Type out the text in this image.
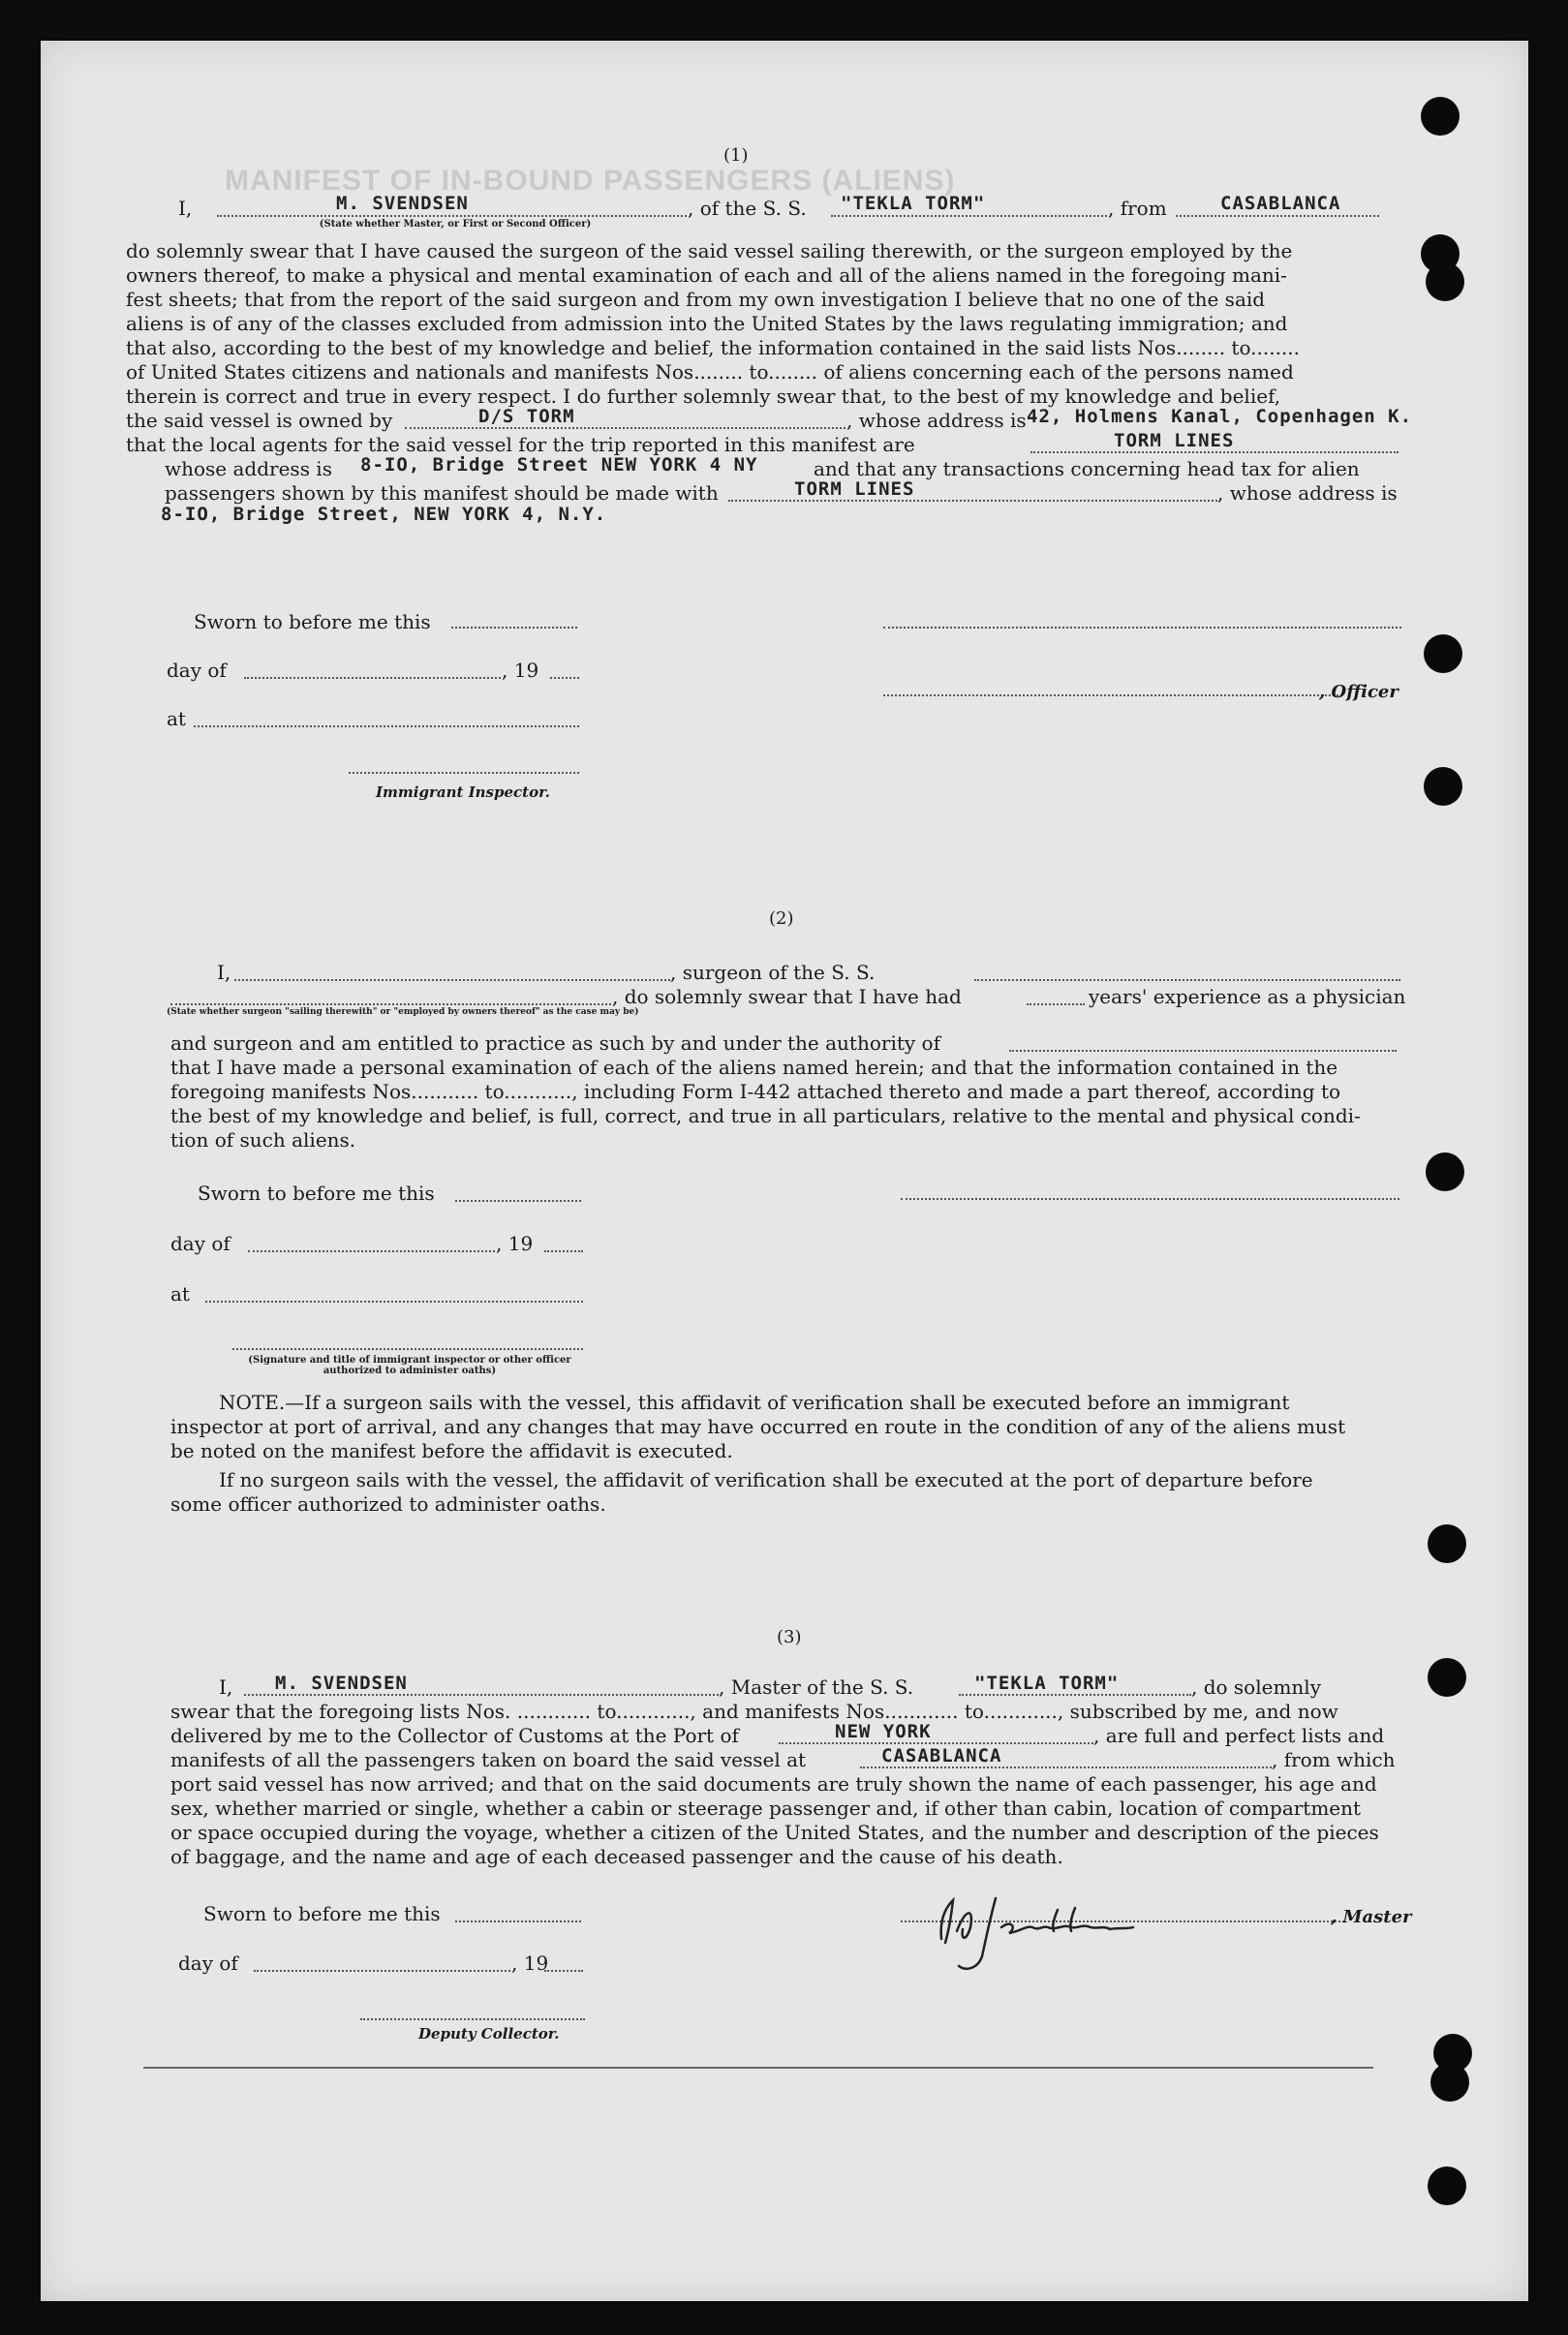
MANIFEST OF IN-BOUND PASSENGERS (ALIENS)
(1)
I,	M. SVENDSEN	, of the S. S. "TEKLA TORM"	, from	CASABLANCA
(State whether Master, or First or Second Officer)
do solemnly swear that I have caused the surgeon of the said vessel sailing therewith, or the surgeon employed by the
owners thereof, to make a physical and mental examination of each and all of the aliens named in the foregoing mani-
fest sheets; that from the report of the said surgeon and from my own investigation I believe that no one of the said
aliens is of any of the classes excluded from admission into the United States by the laws regulating immigration; and
that also, according to the best of my knowledge and belief, the information contained in the said lists Nos........ to........
of United States citizens and nationals and manifests Nos........ to........ of aliens concerning each of the persons named
therein is correct and true in every respect. I do further solemnly swear that, to the best of my knowledge and belief,
the said vessel is owned by	D/S TORM	, whose address is 42, Holmens Kanal, Copenhagen K.
that the local agents for the said vessel for the trip reported in this manifest are	TORM LINES
whose address is 8-IO, Bridge Street NEW YORK 4 NY	and that any transactions concerning head tax for alien
passengers shown by this manifest should be made with	TORM LINES	, whose address is
8-IO, Bridge Street, NEW YORK 4, N.Y.
Sworn to before me this
day of	, 19
, Officer
at
Immigrant Inspector.
(2)
I,	, surgeon of the S. S.
, do solemnly swear that I have had	years' experience as a physician
(State whether surgeon "sailing therewith" or "employed by owners thereof" as the case may be)
and surgeon and am entitled to practice as such by and under the authority of
that I have made a personal examination of each of the aliens named herein; and that the information contained in the
foregoing manifests Nos........... to..........., including Form I-442 attached thereto and made a part thereof, according to
the best of my knowledge and belief, is full, correct, and true in all particulars, relative to the mental and physical condi-
tion of such aliens.
Sworn to before me this
day of	, 19
at
(Signature and title of immigrant inspector or other officer authorized to administer oaths)
NOTE.—If a surgeon sails with the vessel, this affidavit of verification shall be executed before an immigrant
inspector at port of arrival, and any changes that may have occurred en route in the condition of any of the aliens must
be noted on the manifest before the affidavit is executed.
If no surgeon sails with the vessel, the affidavit of verification shall be executed at the port of departure before
some officer authorized to administer oaths.
(3)
I, M. SVENDSEN	, Master of the S. S.	"TEKLA TORM"	, do solemnly
swear that the foregoing lists Nos. ............ to............, and manifests Nos............ to............, subscribed by me, and now
delivered by me to the Collector of Customs at the Port of	NEW YORK	, are full and perfect lists and
manifests of all the passengers taken on board the said vessel at	CASABLANCA	, from which
port said vessel has now arrived; and that on the said documents are truly shown the name of each passenger, his age and
sex, whether married or single, whether a cabin or steerage passenger and, if other than cabin, location of compartment
or space occupied during the voyage, whether a citizen of the United States, and the number and description of the pieces
of baggage, and the name and age of each deceased passenger and the cause of his death.
Sworn to before me this	, Master
day of	, 19
Deputy Collector.
